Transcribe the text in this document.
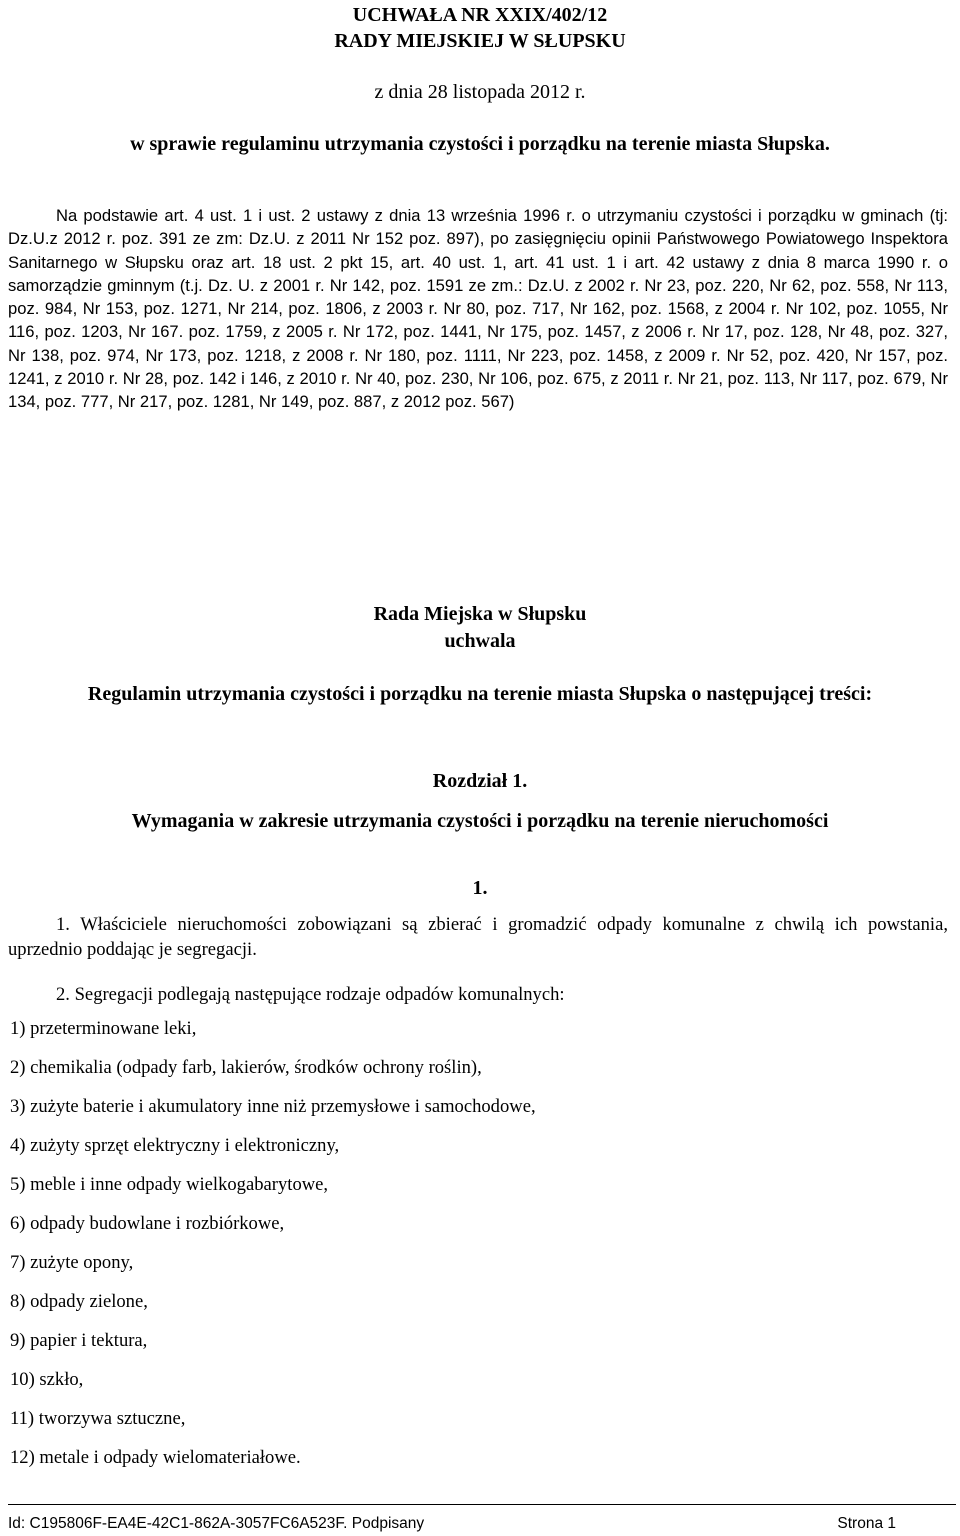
UCHWAŁA NR XXIX/402/12
RADY MIEJSKIEJ W SŁUPSKU
z dnia 28 listopada 2012 r.
w sprawie regulaminu utrzymania czystości i porządku na terenie miasta Słupska.

Na podstawie art. 4 ust. 1 i ust. 2 ustawy z dnia 13 września 1996 r. o utrzymaniu czystości i porządku w gminach (tj: Dz.U.z 2012 r. poz. 391 ze zm: Dz.U. z 2011 Nr 152 poz. 897), po zasięgnięciu opinii Państwowego Powiatowego Inspektora Sanitarnego w Słupsku oraz art. 18 ust. 2 pkt 15, art. 40 ust. 1, art. 41 ust. 1 i art. 42 ustawy z dnia 8 marca 1990 r. o samorządzie gminnym (t.j. Dz. U. z 2001 r. Nr 142, poz. 1591 ze zm.: Dz.U. z 2002 r. Nr 23, poz. 220, Nr 62, poz. 558, Nr 113, poz. 984, Nr 153, poz. 1271, Nr 214, poz. 1806, z 2003 r. Nr 80, poz. 717, Nr 162, poz. 1568, z 2004 r. Nr 102, poz. 1055, Nr 116, poz. 1203, Nr 167. poz. 1759, z 2005 r. Nr 172, poz. 1441, Nr 175, poz. 1457, z 2006 r. Nr 17, poz. 128, Nr 48, poz. 327, Nr 138, poz. 974, Nr 173, poz. 1218, z 2008 r. Nr 180, poz. 1111, Nr 223, poz. 1458, z 2009 r. Nr 52, poz. 420, Nr 157, poz. 1241, z 2010 r. Nr 28, poz. 142 i 146, z 2010 r. Nr 40, poz. 230, Nr 106, poz. 675, z 2011 r. Nr 21, poz. 113, Nr 117, poz. 679, Nr 134, poz. 777, Nr 217, poz. 1281, Nr 149, poz. 887, z 2012 poz. 567)

Rada Miejska w Słupsku
uchwala
Regulamin utrzymania czystości i porządku na terenie miasta Słupska o następującej treści:
Rozdział 1.
Wymagania w zakresie utrzymania czystości i porządku na terenie nieruchomości
1.

1. Właściciele nieruchomości zobowiązani są zbierać i gromadzić odpady komunalne z chwilą ich powstania, uprzednio poddając je segregacji.

2. Segregacji podlegają następujące rodzaje odpadów komunalnych:

1) przeterminowane leki,
2) chemikalia (odpady farb, lakierów, środków ochrony roślin),
3) zużyte baterie i akumulatory inne niż przemysłowe i samochodowe,
4) zużyty sprzęt elektryczny i elektroniczny,
5) meble i inne odpady wielkogabarytowe,
6) odpady budowlane i rozbiórkowe,
7) zużyte opony,
8) odpady zielone,
9) papier i tektura,
10) szkło,
11) tworzywa sztuczne,
12) metale i odpady wielomateriałowe.
Id: C195806F-EA4E-42C1-862A-3057FC6A523F. Podpisany	Strona 1
